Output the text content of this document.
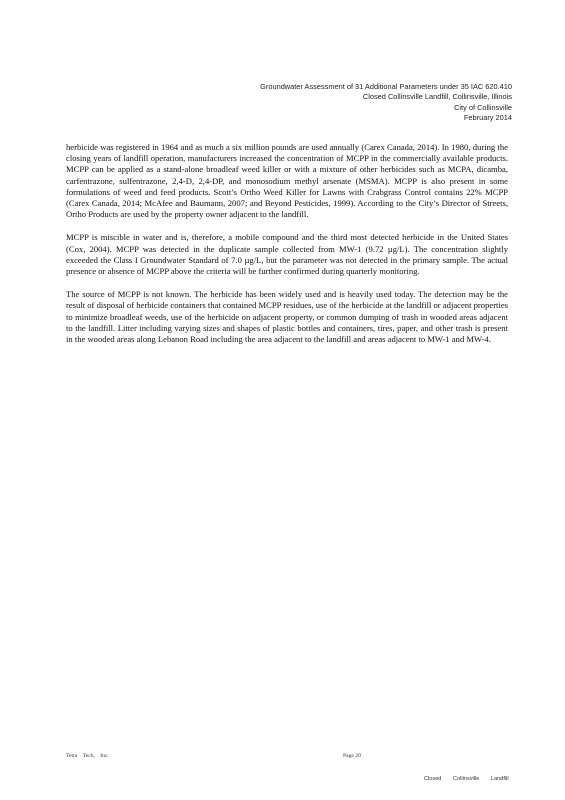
Groundwater Assessment of 31 Additional Parameters under 35 IAC 620.410
Closed Collinsville Landfill, Collinsville, Illinois
City of Collinsville
February 2014

herbicide was registered in 1964 and as much a six million pounds are used annually (Carex Canada, 2014). In 1980, during the closing years of landfill operation, manufacturers increased the concentration of MCPP in the commercially available products. MCPP can be applied as a stand-alone broadleaf weed killer or with a mixture of other herbicides such as MCPA, dicamba, carfentrazone, sulfentrazone, 2,4-D, 2,4-DP, and monosodium methyl arsenate (MSMA). MCPP is also present in some formulations of weed and feed products. Scott’s Ortho Weed Killer for Lawns with Crabgrass Control contains 22% MCPP (Carex Canada, 2014; McAfee and Baumann, 2007; and Beyond Pesticides, 1999). According to the City’s Director of Streets, Ortho Products are used by the property owner adjacent to the landfill.

MCPP is miscible in water and is, therefore, a mobile compound and the third most detected herbicide in the United States (Cox, 2004). MCPP was detected in the duplicate sample collected from MW-1 (9.72 µg/L). The concentration slightly exceeded the Class I Groundwater Standard of 7.0 µg/L, but the parameter was not detected in the primary sample. The actual presence or absence of MCPP above the criteria will be further confirmed during quarterly monitoring.

The source of MCPP is not known. The herbicide has been widely used and is heavily used today. The detection may be the result of disposal of herbicide containers that contained MCPP residues, use of the herbicide at the landfill or adjacent properties to minimize broadleaf weeds, use of the herbicide on adjacent property, or common dumping of trash in wooded areas adjacent to the landfill. Litter including varying sizes and shapes of plastic bottles and containers, tires, paper, and other trash is present in the wooded areas along Lebanon Road including the area adjacent to the landfill and areas adjacent to MW-1 and MW-4.

Tetra Tech, Inc.	Page 20
Closed Collinsville Landfill
